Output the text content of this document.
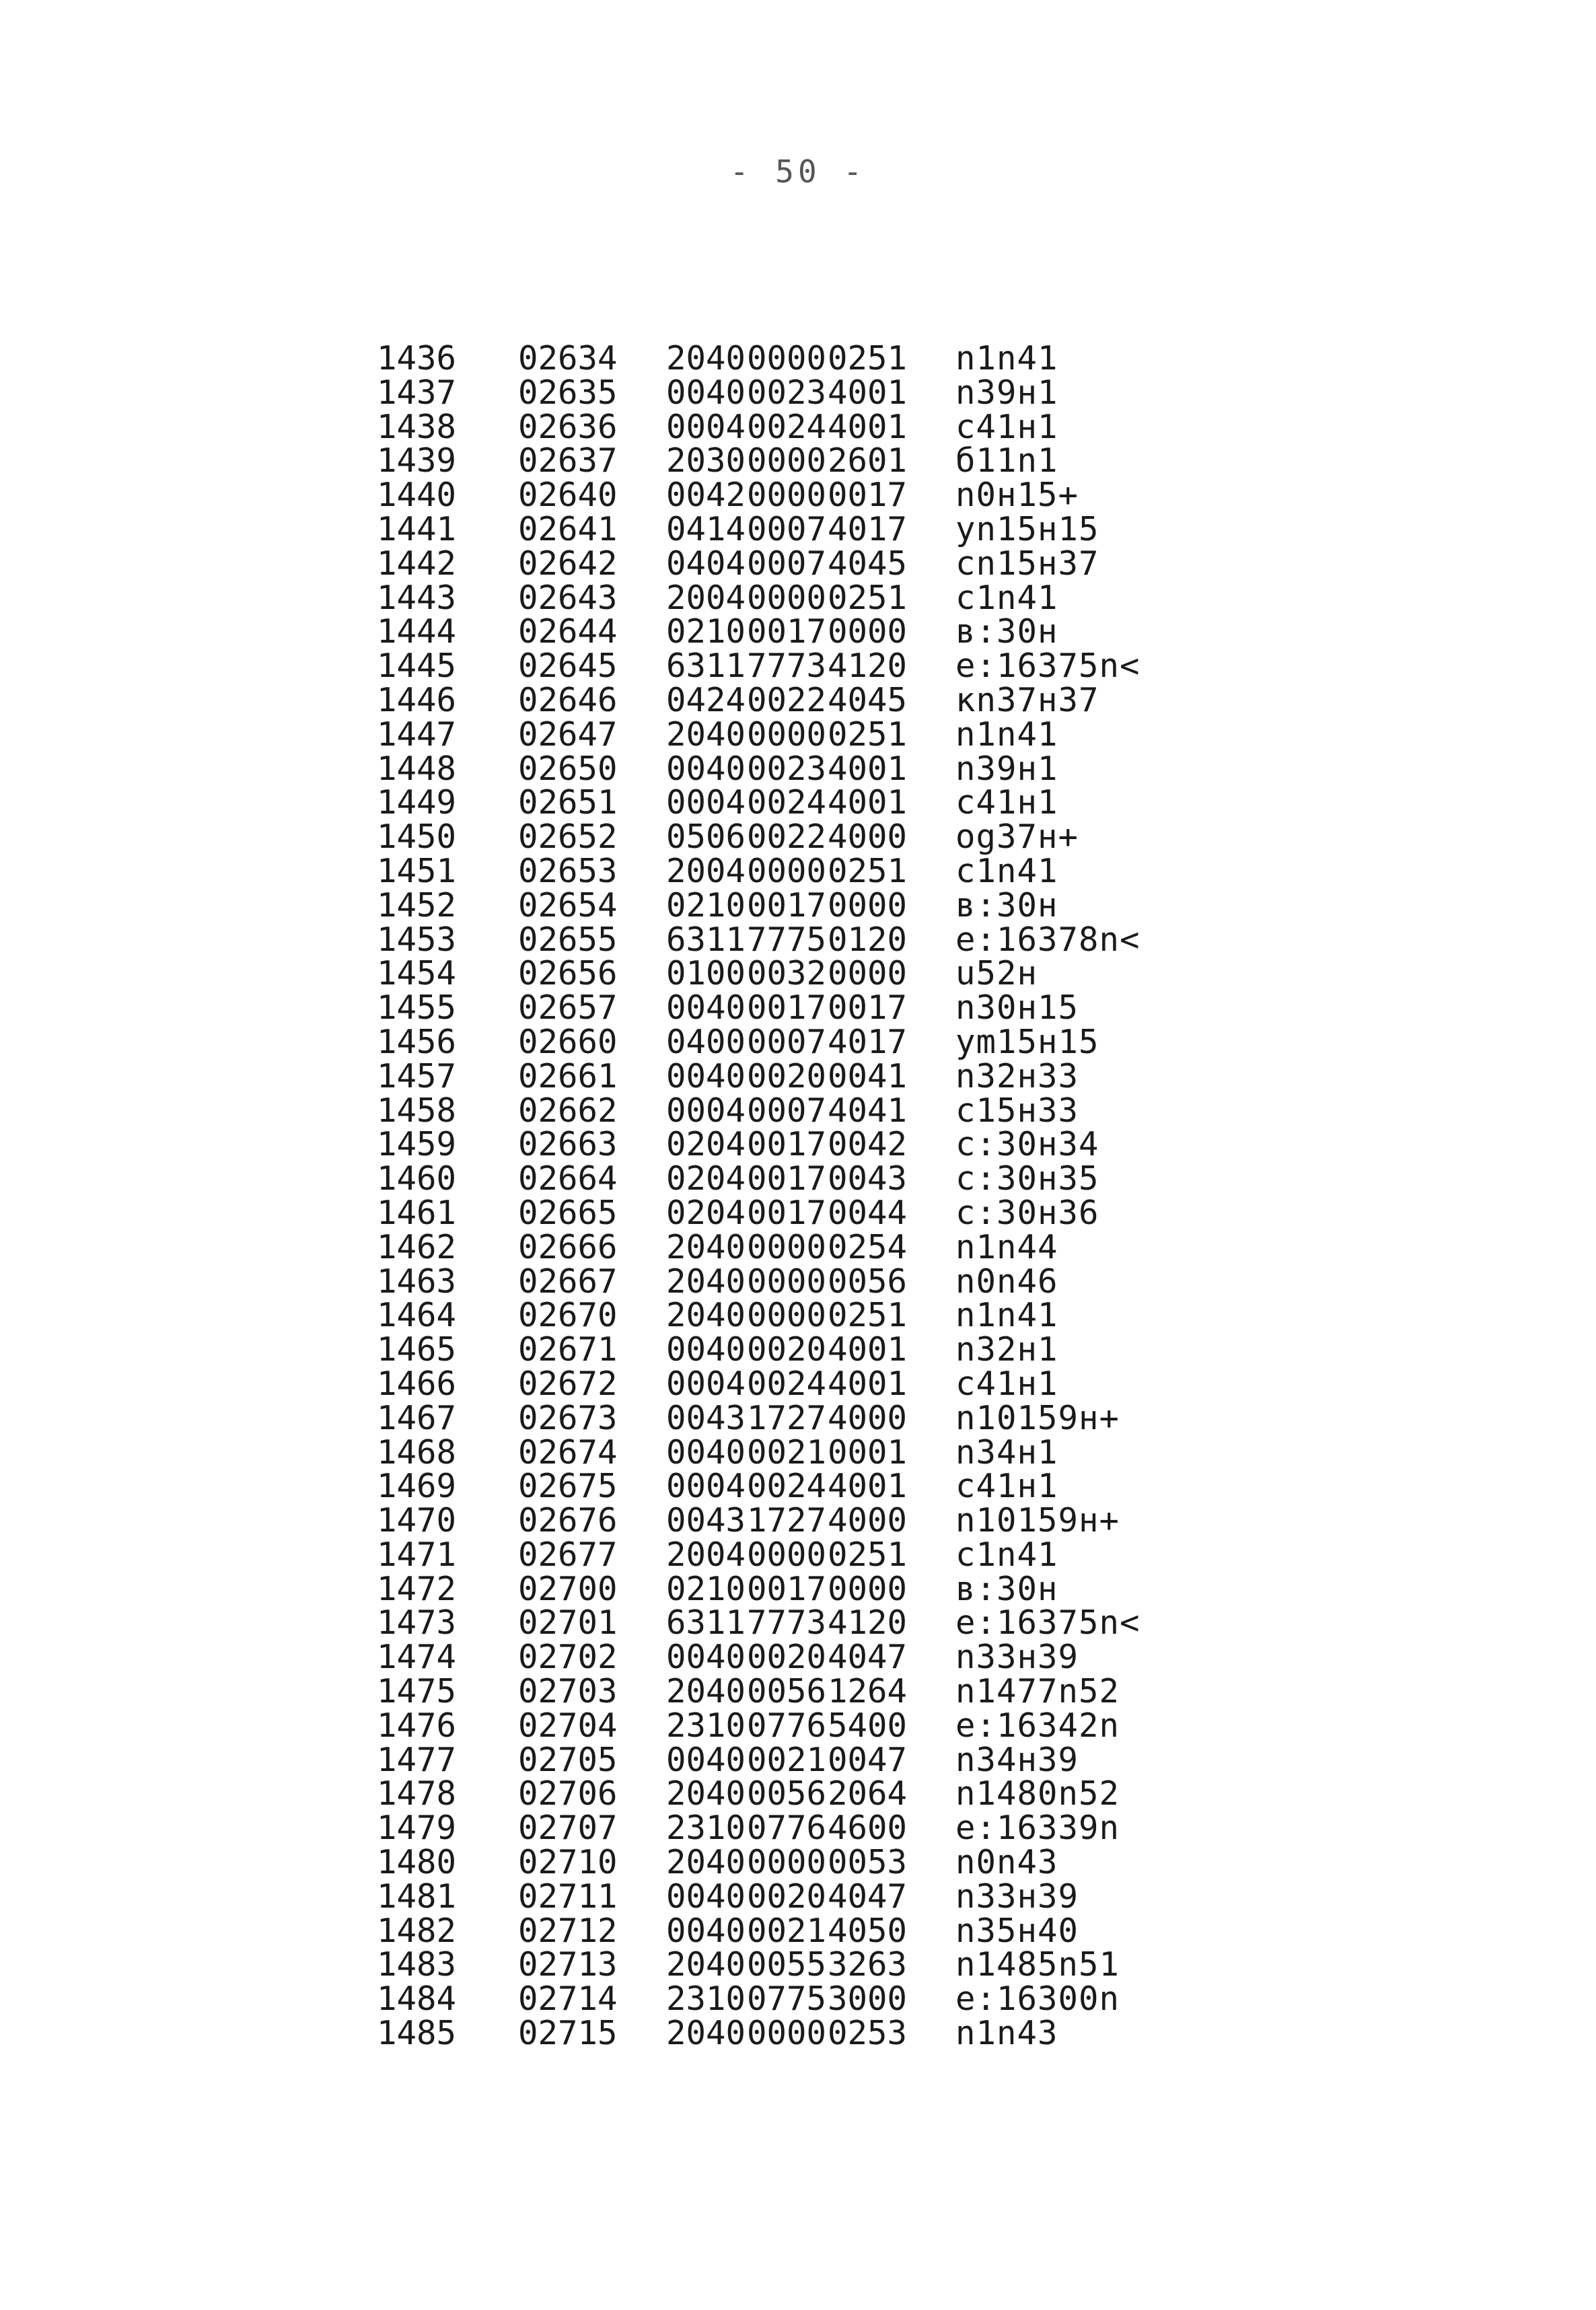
- 50 -
1436	02634	2040 0000 0251	n1n41
1437	02635	0040 0023 4001	n39н1
1438	02636	0004 0024 4001	c41н1
1439	02637	2030 0000 2601	б11n1
1440	02640	0042 0000 0017	n0н15+
1441	02641	0414 0007 4017	уn15н15
1442	02642	0404 0007 4045	cn15н37
1443	02643	2004 0000 0251	c1n41
1444	02644	0210 0017 0000	в:30н
1445	02645	6311 7773 4120	e:16375n<
1446	02646	0424 0022 4045	кn37н37
1447	02647	2040 0000 0251	n1n41
1448	02650	0040 0023 4001	n39н1
1449	02651	0004 0024 4001	c41н1
1450	02652	0506 0022 4000	og37н+
1451	02653	2004 0000 0251	c1n41
1452	02654	0210 0017 0000	в:30н
1453	02655	6311 7775 0120	e:16378n<
1454	02656	0100 0032 0000	u52н
1455	02657	0040 0017 0017	n30н15
1456	02660	0400 0007 4017	уm15н15
1457	02661	0040 0020 0041	n32н33
1458	02662	0004 0007 4041	c15н33
1459	02663	0204 0017 0042	c:30н34
1460	02664	0204 0017 0043	c:30н35
1461	02665	0204 0017 0044	c:30н36
1462	02666	2040 0000 0254	n1n44
1463	02667	2040 0000 0056	n0n46
1464	02670	2040 0000 0251	n1n41
1465	02671	0040 0020 4001	n32н1
1466	02672	0004 0024 4001	c41н1
1467	02673	0043 1727 4000	n10159н+
1468	02674	0040 0021 0001	n34н1
1469	02675	0004 0024 4001	c41н1
1470	02676	0043 1727 4000	n10159н+
1471	02677	2004 0000 0251	c1n41
1472	02700	0210 0017 0000	в:30н
1473	02701	6311 7773 4120	e:16375n<
1474	02702	0040 0020 4047	n33н39
1475	02703	2040 0056 1264	n1477n52
1476	02704	2310 0776 5400	e:16342n
1477	02705	0040 0021 0047	n34н39
1478	02706	2040 0056 2064	n1480n52
1479	02707	2310 0776 4600	e:16339n
1480	02710	2040 0000 0053	n0n43
1481	02711	0040 0020 4047	n33н39
1482	02712	0040 0021 4050	n35н40
1483	02713	2040 0055 3263	n1485n51
1484	02714	2310 0775 3000	e:16300n
1485	02715	2040 0000 0253	n1n43
